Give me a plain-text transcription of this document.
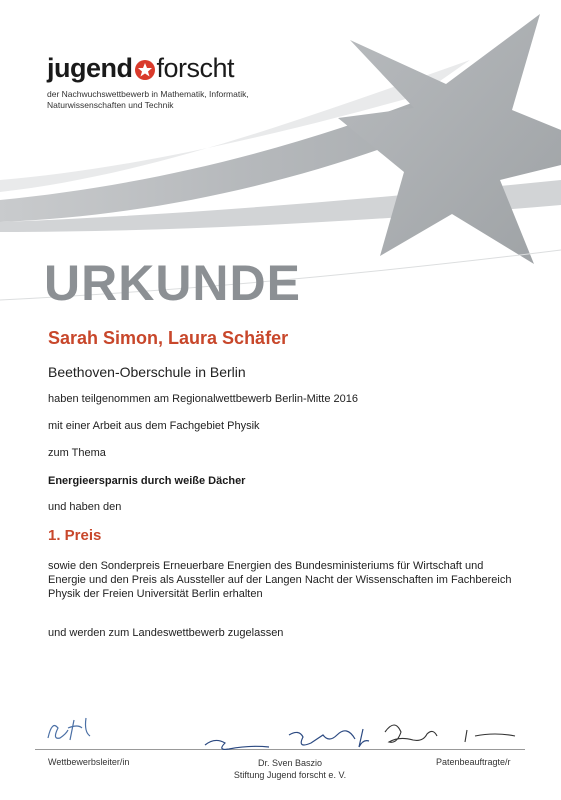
jugend forscht
der Nachwuchswettbewerb in Mathematik, Informatik, Naturwissenschaften und Technik
URKUNDE
Sarah Simon, Laura Schäfer
Beethoven-Oberschule in Berlin
haben teilgenommen am Regionalwettbewerb Berlin-Mitte 2016
mit einer Arbeit aus dem Fachgebiet Physik
zum Thema
Energieersparnis durch weiße Dächer
und haben den
1. Preis
sowie den Sonderpreis Erneuerbare Energien des Bundesministeriums für Wirtschaft und Energie und den Preis als Aussteller auf der Langen Nacht der Wissenschaften im Fachbereich Physik der Freien Universität Berlin erhalten
und werden zum Landeswettbewerb zugelassen
Wettbewerbsleiter/in	Dr. Sven Baszio
Stiftung Jugend forscht e. V.
Patenbeauftragte/r
